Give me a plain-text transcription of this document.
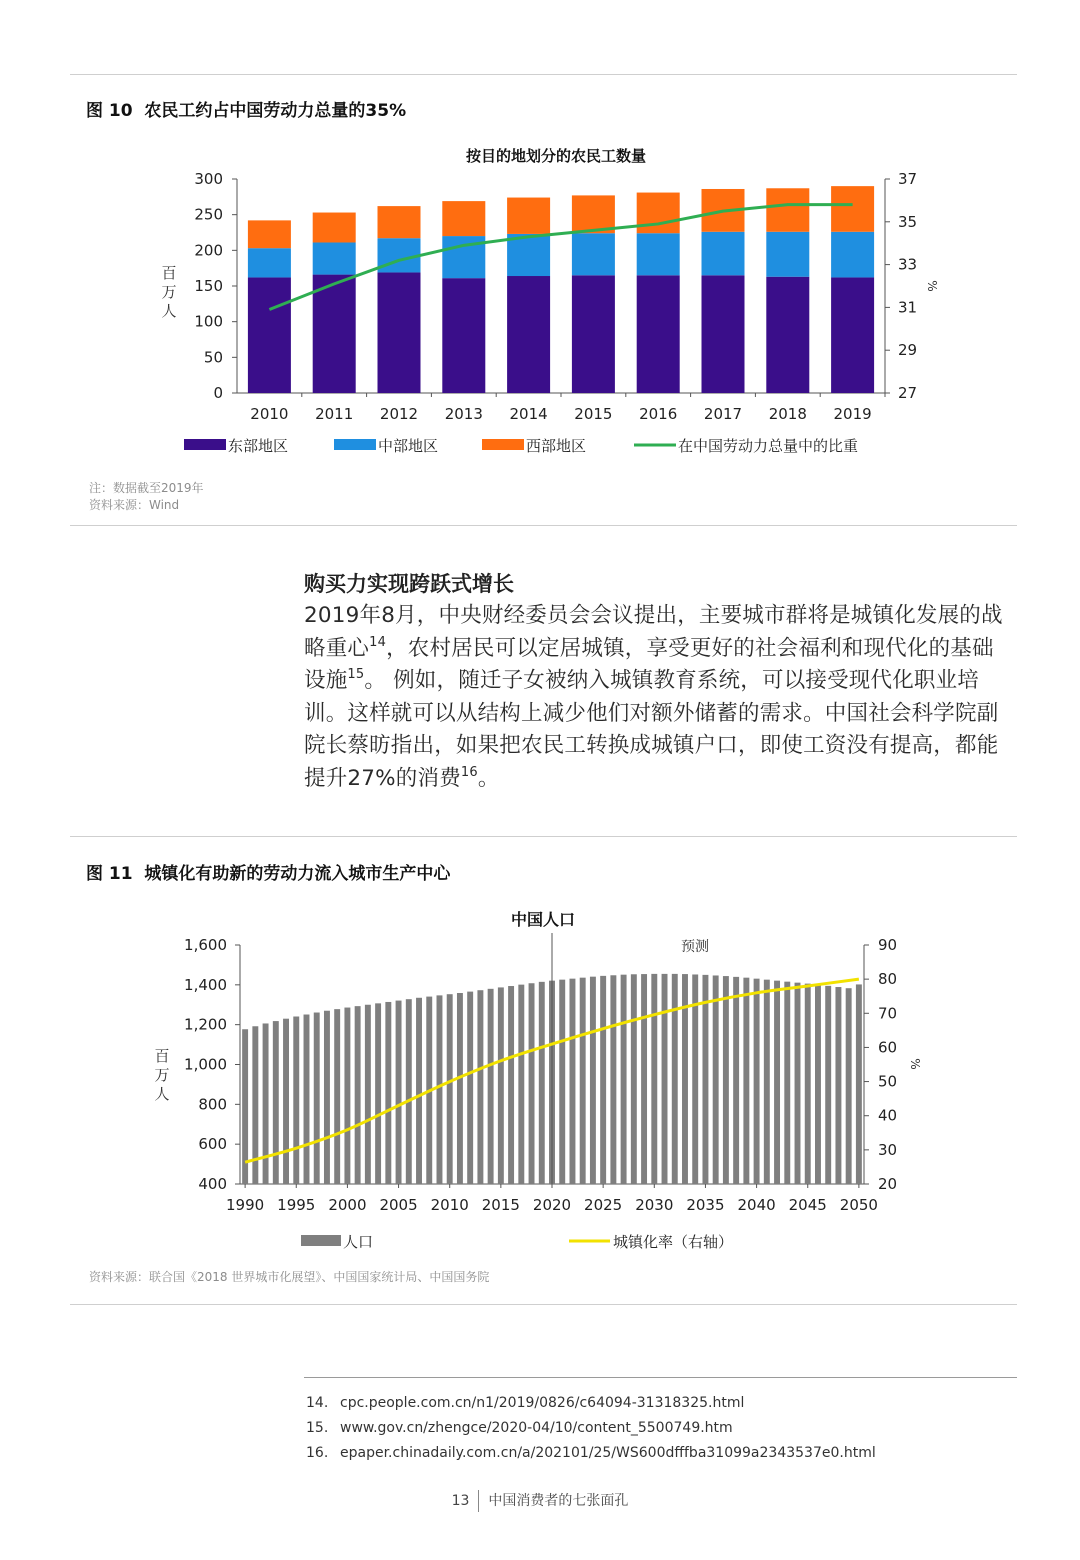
图 10 农民工约占中国劳动力总量的35%
按目的地划分的农民工数量
0
50
100
150
200
250
300
27
29
31
33
35
37
百
万
人
%
2010 2011 2012 2013 2014 2015 2016 2017 2018 2019
东部地区	中部地区	西部地区	在中国劳动力总量中的比重
注：数据截至2019年
资料来源：Wind
购买力实现跨跃式增长

2019年8月，中央财经委员会会议提出，主要城市群将是城镇化发展的战略重心$^{14}$，农村居民可以定居城镇，享受更好的社会福利和现代化的基础设施$^{15}$。 例如，随迁子女被纳入城镇教育系统，可以接受现代化职业培训。这样就可以从结构上减少他们对额外储蓄的需求。中国社会科学院副院长蔡昉指出，如果把农民工转换成城镇户口，即使工资没有提高，都能提升27%的消费$^{16}$。

图 11 城镇化有助新的劳动力流入城市生产中心
中国人口
400
600
800
1,000
1,200
1,400
1,600
20
30
40
50
60
70
80
90
百
万
人
%
1990 1995 2000 2005 2010 2015 2020 2025 2030 2035 2040 2045 2050
预测
人口	城镇化率（右轴）
资料来源：联合国《2018 世界城市化展望》、中国国家统计局、中国国务院
14. cpc.people.com.cn/n1/2019/0826/c64094-31318325.html
15. www.gov.cn/zhengce/2020-04/10/content_5500749.htm
16. epaper.chinadaily.com.cn/a/202101/25/WS600dfffba31099a2343537e0.html
13 中国消费者的七张面孔
